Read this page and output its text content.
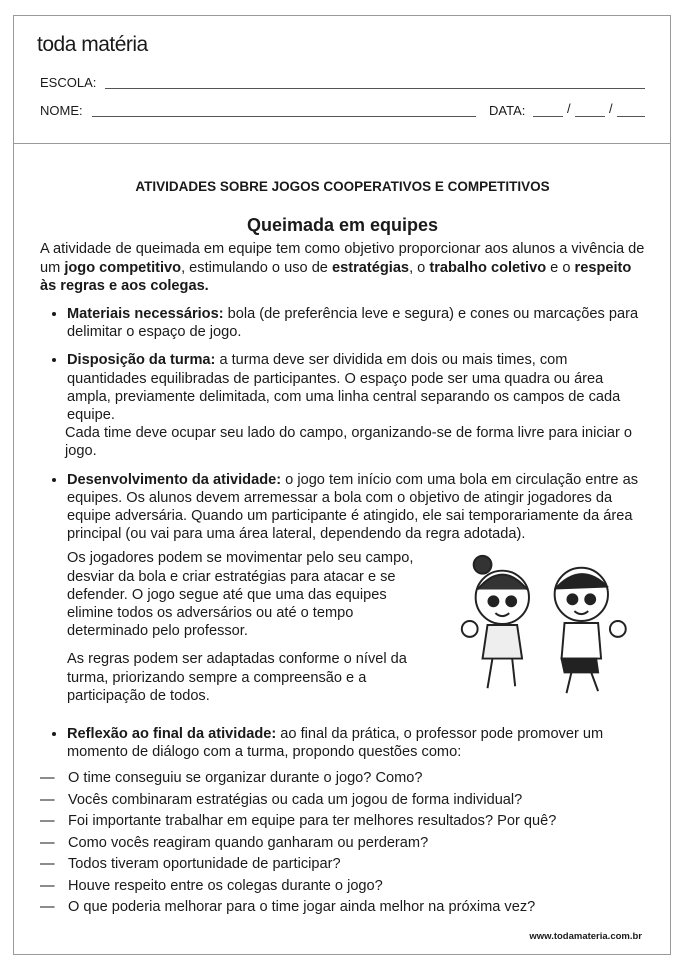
toda matéria
ESCOLA:
NOME:	DATA:	/	/
ATIVIDADES SOBRE JOGOS COOPERATIVOS E COMPETITIVOS
Queimada em equipes

A atividade de queimada em equipe tem como objetivo proporcionar aos alunos a vivência de um jogo competitivo, estimulando o uso de estratégias, o trabalho coletivo e o respeito às regras e aos colegas.

• Materiais necessários: bola (de preferência leve e segura) e cones ou marcações para delimitar o espaço de jogo.
• Disposição da turma: a turma deve ser dividida em dois ou mais times, com quantidades equilibradas de participantes. O espaço pode ser uma quadra ou área ampla, previamente delimitada, com uma linha central separando os campos de cada equipe.
Cada time deve ocupar seu lado do campo, organizando-se de forma livre para iniciar o jogo.
• Desenvolvimento da atividade: o jogo tem início com uma bola em circulação entre as equipes. Os alunos devem arremessar a bola com o objetivo de atingir jogadores da equipe adversária. Quando um participante é atingido, ele sai temporariamente da área principal (ou vai para uma área lateral, dependendo da regra adotada).

Os jogadores podem se movimentar pelo seu campo, desviar da bola e criar estratégias para atacar e se defender. O jogo segue até que uma das equipes elimine todos os adversários ou até o tempo determinado pelo professor.

As regras podem ser adaptadas conforme o nível da turma, priorizando sempre a compreensão e a participação de todos.

• Reflexão ao final da atividade: ao final da prática, o professor pode promover um momento de diálogo com a turma, propondo questões como:
— O time conseguiu se organizar durante o jogo? Como?
— Vocês combinaram estratégias ou cada um jogou de forma individual?
— Foi importante trabalhar em equipe para ter melhores resultados? Por quê?
— Como vocês reagiram quando ganharam ou perderam?
— Todos tiveram oportunidade de participar?
— Houve respeito entre os colegas durante o jogo?
— O que poderia melhorar para o time jogar ainda melhor na próxima vez?
www.todamateria.com.br
